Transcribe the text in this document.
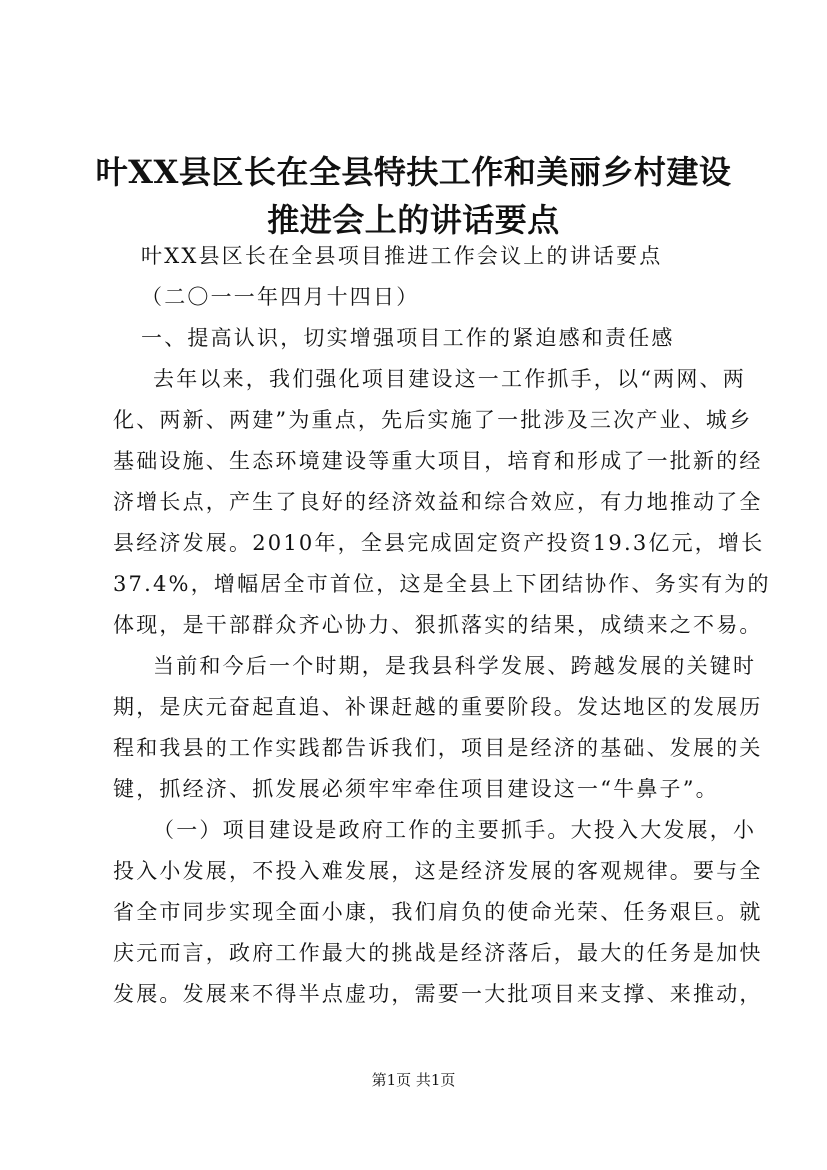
叶XX县区长在全县特扶工作和美丽乡村建设
推进会上的讲话要点
叶XX县区长在全县项目推进工作会议上的讲话要点
（二〇一一年四月十四日）
一、提高认识，切实增强项目工作的紧迫感和责任感
去年以来，我们强化项目建设这一工作抓手，以“两网、两
化、两新、两建”为重点，先后实施了一批涉及三次产业、城乡
基础设施、生态环境建设等重大项目，培育和形成了一批新的经
济增长点，产生了良好的经济效益和综合效应，有力地推动了全
县经济发展。2010年，全县完成固定资产投资19.3亿元，增长
37.4%，增幅居全市首位，这是全县上下团结协作、务实有为的
体现，是干部群众齐心协力、狠抓落实的结果，成绩来之不易。
当前和今后一个时期，是我县科学发展、跨越发展的关键时
期，是庆元奋起直追、补课赶越的重要阶段。发达地区的发展历
程和我县的工作实践都告诉我们，项目是经济的基础、发展的关
键，抓经济、抓发展必须牢牢牵住项目建设这一“牛鼻子”。
（一）项目建设是政府工作的主要抓手。大投入大发展，小
投入小发展，不投入难发展，这是经济发展的客观规律。要与全
省全市同步实现全面小康，我们肩负的使命光荣、任务艰巨。就
庆元而言，政府工作最大的挑战是经济落后，最大的任务是加快
发展。发展来不得半点虚功，需要一大批项目来支撑、来推动，
第1页 共1页
